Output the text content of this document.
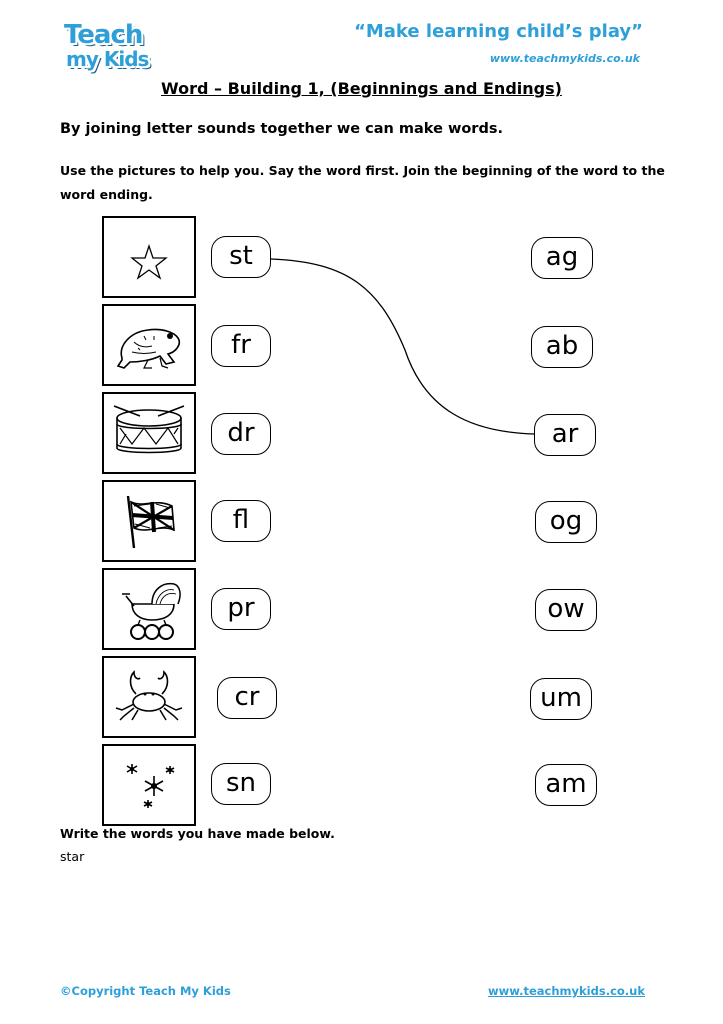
Teach
my Kids
“Make learning child’s play”
www.teachmykids.co.uk
Word – Building 1, (Beginnings and Endings)
By joining letter sounds together we can make words.
Use the pictures to help you. Say the word first. Join the beginning of the word to the word ending.
st
fr
dr
fl
pr
cr
sn
ag
ab
ar
og
ow
um
am
Write the words you have made below.
star
©Copyright Teach My Kids	www.teachmykids.co.uk
